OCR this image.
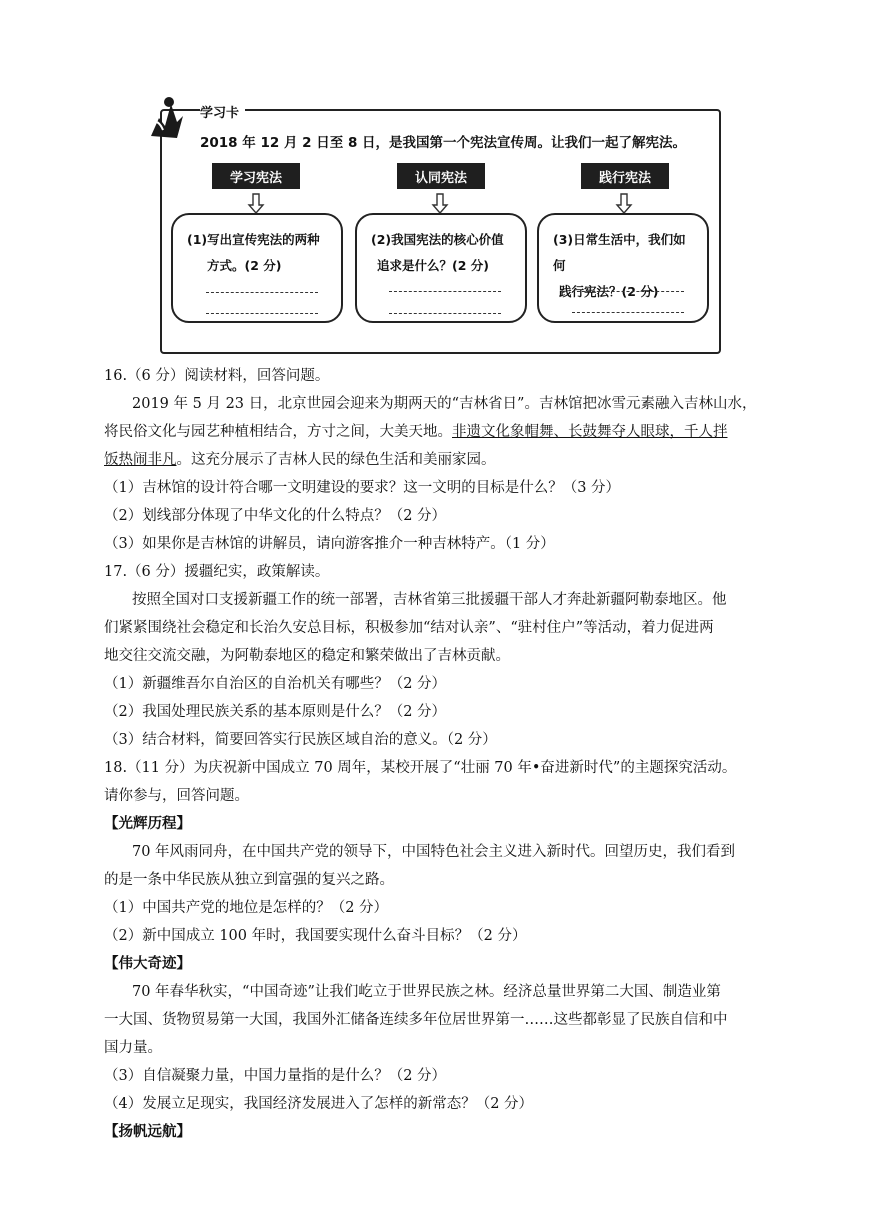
学习卡
2018 年 12 月 2 日至 8 日，是我国第一个宪法宣传周。让我们一起了解宪法。
学习宪法	认同宪法	践行宪法
(1)写出宣传宪法的两种
方式。(2 分)
(2)我国宪法的核心价值
追求是什么？(2 分)
(3)日常生活中，我们如何
践行宪法？(2 分)
16.（6 分）阅读材料，回答问题。
2019 年 5 月 23 日，北京世园会迎来为期两天的“吉林省日”。吉林馆把冰雪元素融入吉林山水，
将民俗文化与园艺种植相结合，方寸之间，大美天地。非遗文化象帽舞、长鼓舞夺人眼球，千人拌
饭热闹非凡。这充分展示了吉林人民的绿色生活和美丽家园。
（1）吉林馆的设计符合哪一文明建设的要求？这一文明的目标是什么？（3 分）
（2）划线部分体现了中华文化的什么特点？（2 分）
（3）如果你是吉林馆的讲解员，请向游客推介一种吉林特产。（1 分）
17.（6 分）援疆纪实，政策解读。
按照全国对口支援新疆工作的统一部署，吉林省第三批援疆干部人才奔赴新疆阿勒泰地区。他
们紧紧围绕社会稳定和长治久安总目标，积极参加“结对认亲”、“驻村住户”等活动，着力促进两
地交往交流交融，为阿勒泰地区的稳定和繁荣做出了吉林贡献。
（1）新疆维吾尔自治区的自治机关有哪些？（2 分）
（2）我国处理民族关系的基本原则是什么？（2 分）
（3）结合材料，简要回答实行民族区域自治的意义。（2 分）
18.（11 分）为庆祝新中国成立 70 周年，某校开展了“壮丽 70 年•奋进新时代”的主题探究活动。
请你参与，回答问题。
【光辉历程】
70 年风雨同舟，在中国共产党的领导下，中国特色社会主义进入新时代。回望历史，我们看到
的是一条中华民族从独立到富强的复兴之路。
（1）中国共产党的地位是怎样的？（2 分）
（2）新中国成立 100 年时，我国要实现什么奋斗目标？（2 分）
【伟大奇迹】
70 年春华秋实，“中国奇迹”让我们屹立于世界民族之林。经济总量世界第二大国、制造业第
一大国、货物贸易第一大国，我国外汇储备连续多年位居世界第一……这些都彰显了民族自信和中
国力量。
（3）自信凝聚力量，中国力量指的是什么？（2 分）
（4）发展立足现实，我国经济发展进入了怎样的新常态？（2 分）
【扬帆远航】
